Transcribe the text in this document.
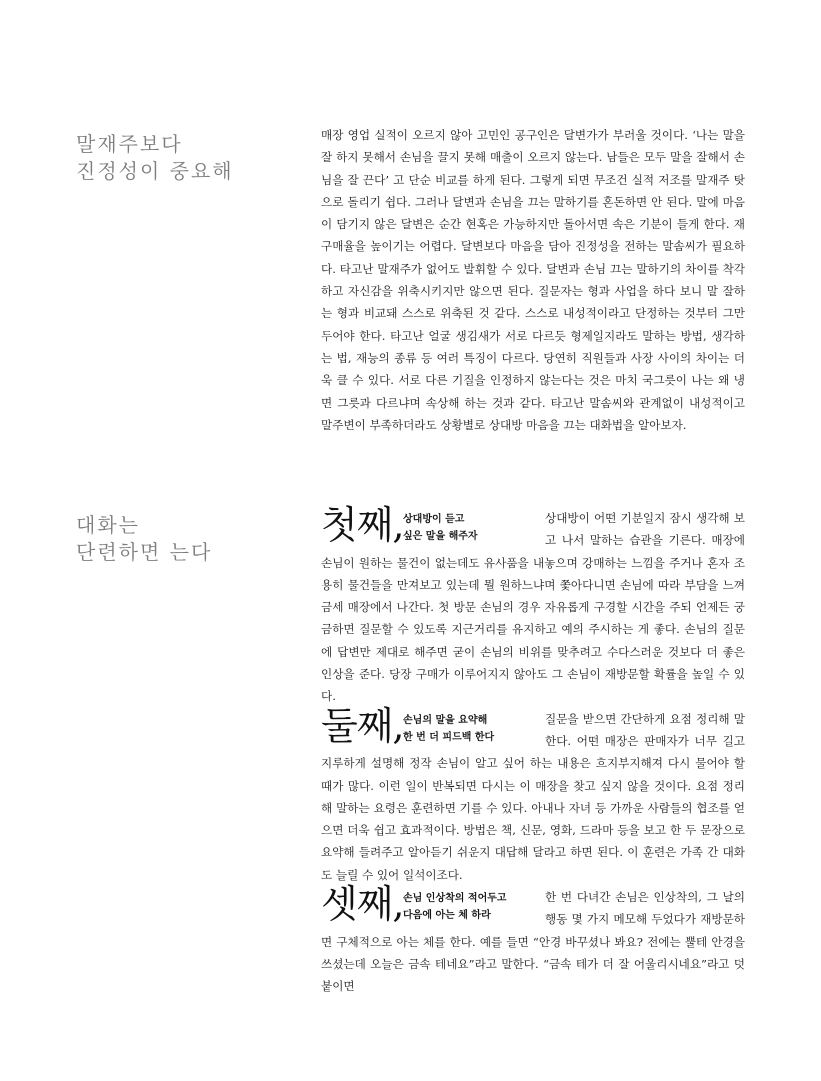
말재주보다
진정성이 중요해

매장 영업 실적이 오르지 않아 고민인 공구인은 달변가가 부러울 것이다. ‘나는 말을 잘 하지 못해서 손님을 끌지 못해 매출이 오르지 않는다. 남들은 모두 말을 잘해서 손님을 잘 끈다’ 고 단순 비교를 하게 된다. 그렇게 되면 무조건 실적 저조를 말재주 탓으로 돌리기 쉽다. 그러나 달변과 손님을 끄는 말하기를 혼돈하면 안 된다. 말에 마음이 담기지 않은 달변은 순간 현혹은 가능하지만 돌아서면 속은 기분이 들게 한다. 재구매율을 높이기는 어렵다. 달변보다 마음을 담아 진정성을 전하는 말솜씨가 필요하다. 타고난 말재주가 없어도 발휘할 수 있다. 달변과 손님 끄는 말하기의 차이를 착각하고 자신감을 위축시키지만 않으면 된다. 질문자는 형과 사업을 하다 보니 말 잘하는 형과 비교돼 스스로 위축된 것 같다. 스스로 내성적이라고 단정하는 것부터 그만 두어야 한다. 타고난 얼굴 생김새가 서로 다르듯 형제일지라도 말하는 방법, 생각하는 법, 재능의 종류 등 여러 특징이 다르다. 당연히 직원들과 사장 사이의 차이는 더욱 클 수 있다. 서로 다른 기질을 인정하지 않는다는 것은 마치 국그릇이 나는 왜 냉면 그릇과 다르냐며 속상해 하는 것과 같다. 타고난 말솜씨와 관계없이 내성적이고 말주변이 부족하더라도 상황별로 상대방 마음을 끄는 대화법을 알아보자.

대화는
단련하면 는다
첫째, 상대방이 듣고
싶은 말을 해주자

상대방이 어떤 기분일지 잠시 생각해 보고 나서 말하는 습관을 기른다. 매장에 손님이 원하는 물건이 없는데도 유사품을 내놓으며 강매하는 느낌을 주거나 혼자 조용히 물건들을 만져보고 있는데 뭘 원하느냐며 쫓아다니면 손님에 따라 부담을 느껴 금세 매장에서 나간다. 첫 방문 손님의 경우 자유롭게 구경할 시간을 주되 언제든 궁금하면 질문할 수 있도록 지근거리를 유지하고 예의 주시하는 게 좋다. 손님의 질문에 답변만 제대로 해주면 굳이 손님의 비위를 맞추려고 수다스러운 것보다 더 좋은 인상을 준다. 당장 구매가 이루어지지 않아도 그 손님이 재방문할 확률을 높일 수 있다.

둘째, 손님의 말을 요약해
한 번 더 피드백 한다

질문을 받으면 간단하게 요점 정리해 말한다. 어떤 매장은 판매자가 너무 길고 지루하게 설명해 정작 손님이 알고 싶어 하는 내용은 흐지부지해져 다시 물어야 할 때가 많다. 이런 일이 반복되면 다시는 이 매장을 찾고 싶지 않을 것이다. 요점 정리해 말하는 요령은 훈련하면 기를 수 있다. 아내나 자녀 등 가까운 사람들의 협조를 얻으면 더욱 쉽고 효과적이다. 방법은 책, 신문, 영화, 드라마 등을 보고 한 두 문장으로 요약해 들려주고 알아듣기 쉬운지 대답해 달라고 하면 된다. 이 훈련은 가족 간 대화도 늘릴 수 있어 일석이조다.

셋째, 손님 인상착의 적어두고
다음에 아는 체 하라

한 번 다녀간 손님은 인상착의, 그 날의 행동 몇 가지 메모해 두었다가 재방문하면 구체적으로 아는 체를 한다. 예를 들면 “안경 바꾸셨나 봐요? 전에는 뿔테 안경을 쓰셨는데 오늘은 금속 테네요”라고 말한다. “금속 테가 더 잘 어울리시네요”라고 덧붙이면
